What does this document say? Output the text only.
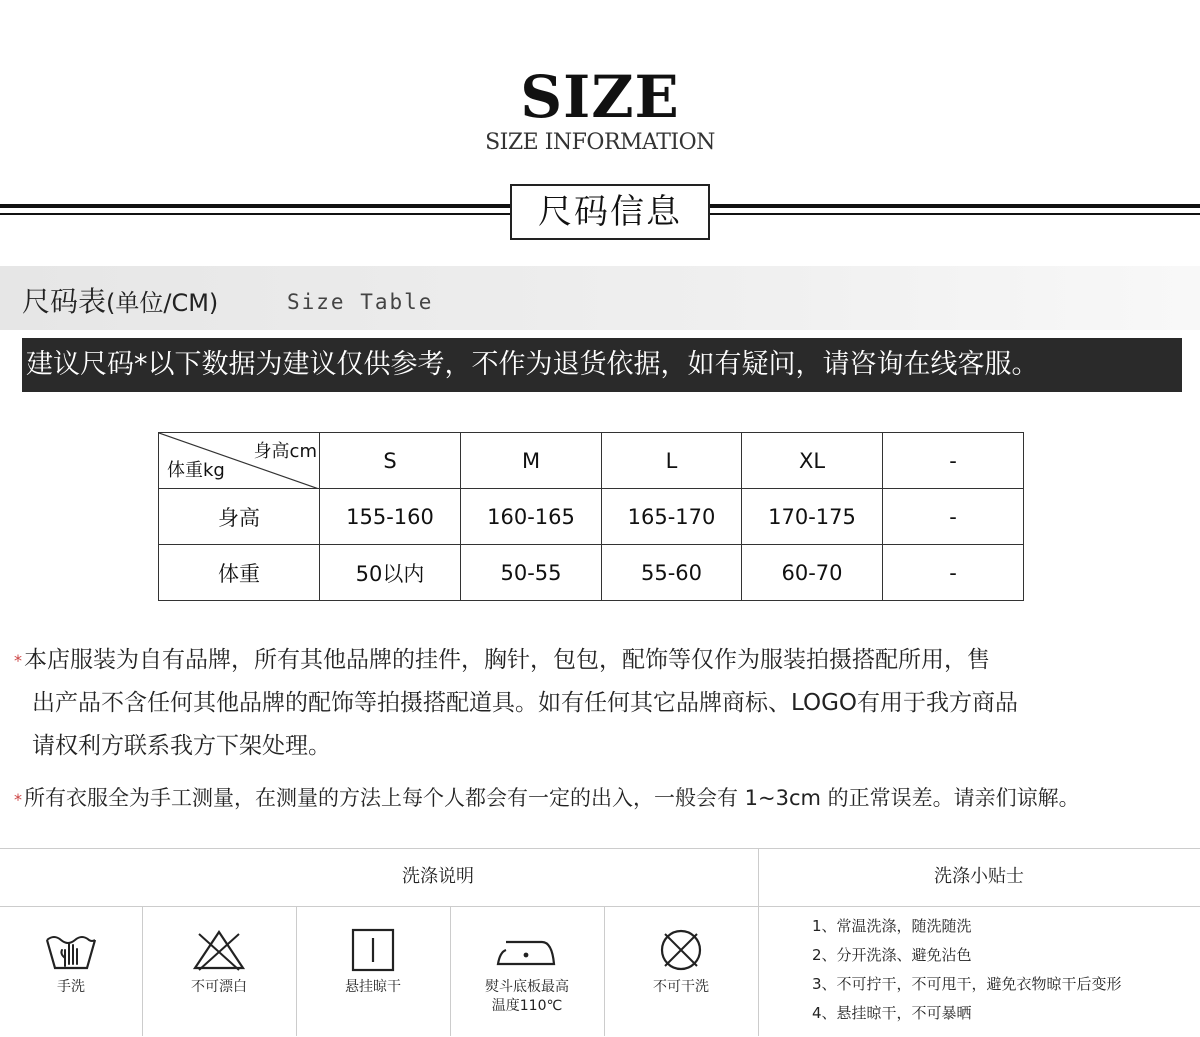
SIZE
SIZE INFORMATION
尺码信息
尺码表(单位/CM)	Size Table
建议尺码*以下数据为建议仅供参考，不作为退货依据，如有疑问，请咨询在线客服。
身高cm
体重kg	S	M	L	XL	-
身高	155-160	160-165	165-170	170-175	-
体重	50以内	50-55	55-60	60-70	-
*本店服装为自有品牌，所有其他品牌的挂件，胸针，包包，配饰等仅作为服装拍摄搭配所用，售
出产品不含任何其他品牌的配饰等拍摄搭配道具。如有任何其它品牌商标、LOGO有用于我方商品
请权利方联系我方下架处理。
*所有衣服全为手工测量，在测量的方法上每个人都会有一定的出入，一般会有 1~3cm 的正常误差。请亲们谅解。
洗涤说明	洗涤小贴士
手洗	不可漂白	悬挂晾干	熨斗底板最高
温度110℃
不可干洗
1、常温洗涤，随洗随洗
2、分开洗涤、避免沾色
3、不可拧干，不可甩干，避免衣物晾干后变形
4、悬挂晾干，不可暴晒
